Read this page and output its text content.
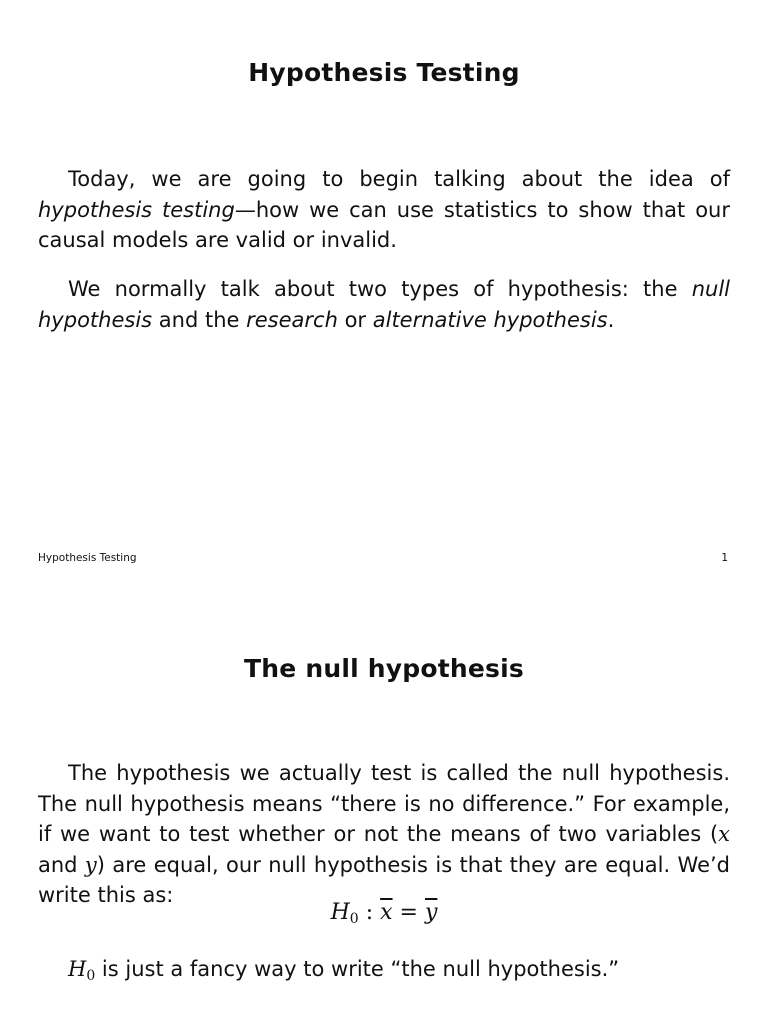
Hypothesis Testing

Today, we are going to begin talking about the idea of hypothesis testing—how we can use statistics to show that our causal models are valid or invalid.

We normally talk about two types of hypothesis: the null hypothesis and the research or alternative hypothesis.

Hypothesis Testing	1

The null hypothesis

The hypothesis we actually test is called the null hypothesis. The null hypothesis means “there is no difference.” For example, if we want to test whether or not the means of two variables (x and y) are equal, our null hypothesis is that they are equal. We’d write this as:

$H_0$ : $\overline{x} = \overline{y}$

$H_0$ is just a fancy way to write “the null hypothesis.”
